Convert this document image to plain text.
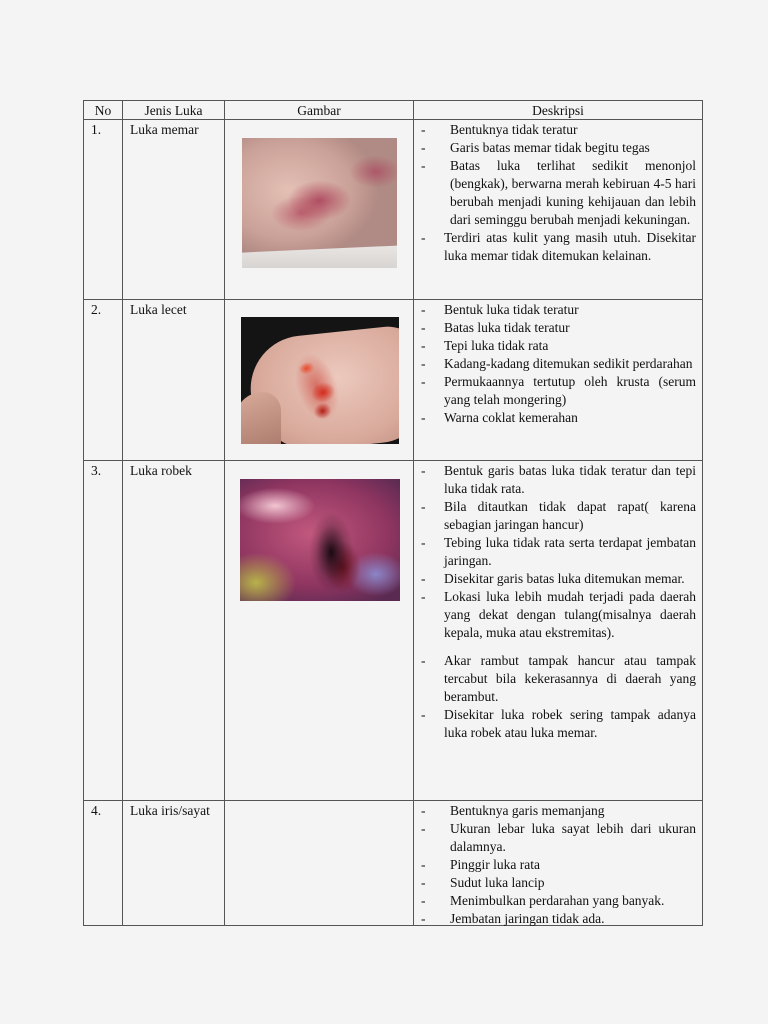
No	Jenis Luka	Gambar	Deskripsi
1. Luka memar	- Bentuknya tidak teratur
- Garis batas memar tidak begitu tegas
- Batas luka terlihat sedikit menonjol (bengkak), berwarna merah kebiruan 4-5 hari berubah menjadi kuning kehijauan dan lebih dari seminggu berubah menjadi kekuningan.
- Terdiri atas kulit yang masih utuh. Disekitar luka memar tidak ditemukan kelainan.
2. Luka lecet	- Bentuk luka tidak teratur
- Batas luka tidak teratur
- Tepi luka tidak rata
- Kadang-kadang ditemukan sedikit perdarahan
- Permukaannya tertutup oleh krusta (serum yang telah mongering)
- Warna coklat kemerahan
3. Luka robek	- Bentuk garis batas luka tidak teratur dan tepi luka tidak rata.
- Bila ditautkan tidak dapat rapat( karena sebagian jaringan hancur)
- Tebing luka tidak rata serta terdapat jembatan jaringan.
- Disekitar garis batas luka ditemukan memar.
- Lokasi luka lebih mudah terjadi pada daerah yang dekat dengan tulang(misalnya daerah kepala, muka atau ekstremitas).
- Akar rambut tampak hancur atau tampak tercabut bila kekerasannya di daerah yang berambut.
- Disekitar luka robek sering tampak adanya luka robek atau luka memar.
4. Luka iris/sayat	- Bentuknya garis memanjang
- Ukuran lebar luka sayat lebih dari ukuran dalamnya.
- Pinggir luka rata
- Sudut luka lancip
- Menimbulkan perdarahan yang banyak.
- Jembatan jaringan tidak ada.
